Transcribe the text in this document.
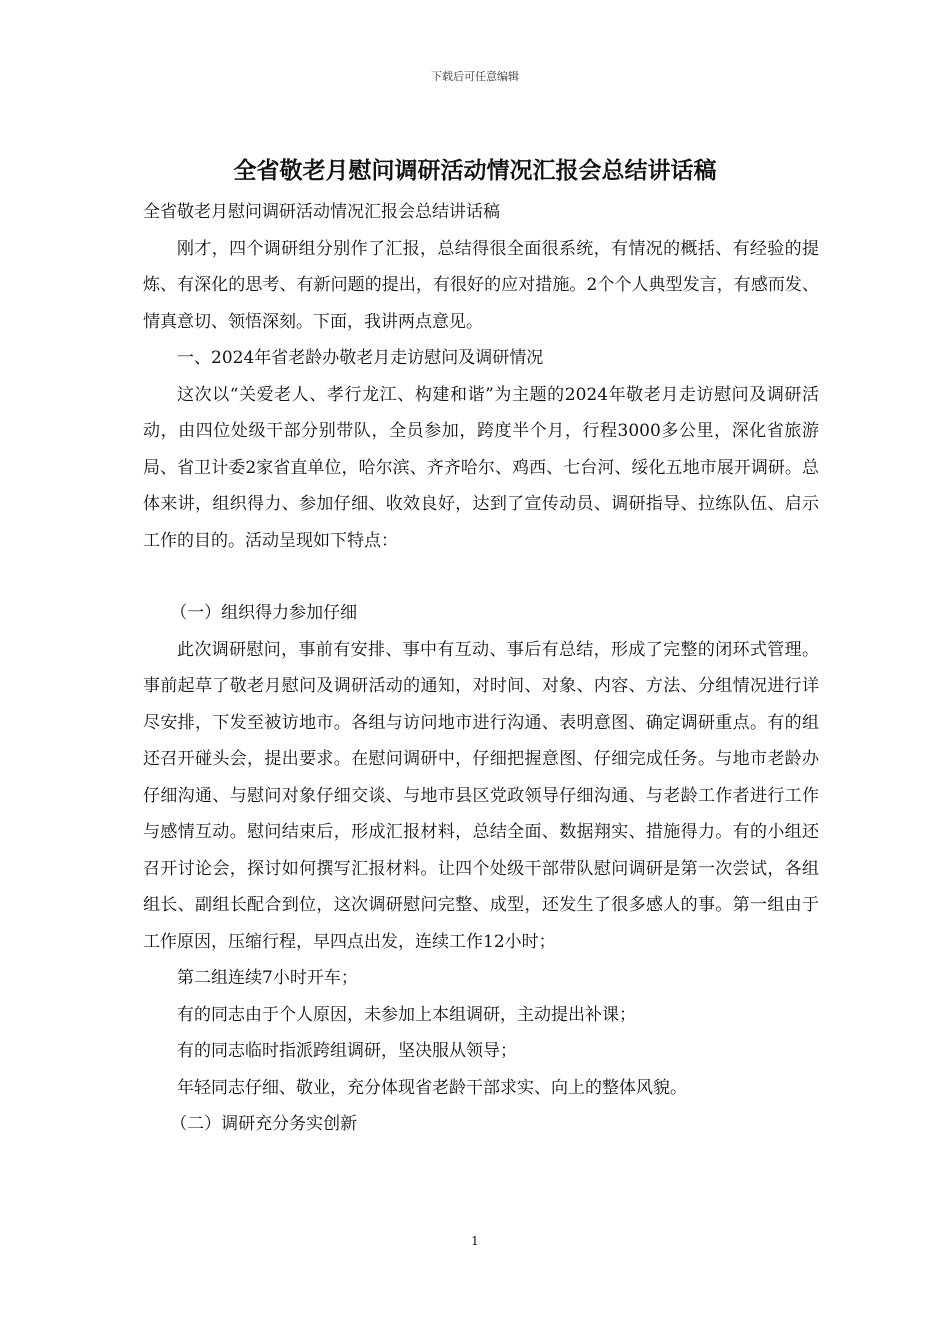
下载后可任意编辑
全省敬老月慰问调研活动情况汇报会总结讲话稿

全省敬老月慰问调研活动情况汇报会总结讲话稿

刚才，四个调研组分别作了汇报，总结得很全面很系统，有情况的概括、有经验的提炼、有深化的思考、有新问题的提出，有很好的应对措施。2个个人典型发言，有感而发、情真意切、领悟深刻。下面，我讲两点意见。

一、2024年省老龄办敬老月走访慰问及调研情况

这次以“关爱老人、孝行龙江、构建和谐”为主题的2024年敬老月走访慰问及调研活动，由四位处级干部分别带队，全员参加，跨度半个月，行程3000多公里，深化省旅游局、省卫计委2家省直单位，哈尔滨、齐齐哈尔、鸡西、七台河、绥化五地市展开调研。总体来讲，组织得力、参加仔细、收效良好，达到了宣传动员、调研指导、拉练队伍、启示工作的目的。活动呈现如下特点：

（一）组织得力参加仔细

此次调研慰问，事前有安排、事中有互动、事后有总结，形成了完整的闭环式管理。事前起草了敬老月慰问及调研活动的通知，对时间、对象、内容、方法、分组情况进行详尽安排，下发至被访地市。各组与访问地市进行沟通、表明意图、确定调研重点。有的组还召开碰头会，提出要求。在慰问调研中，仔细把握意图、仔细完成任务。与地市老龄办仔细沟通、与慰问对象仔细交谈、与地市县区党政领导仔细沟通、与老龄工作者进行工作与感情互动。慰问结束后，形成汇报材料，总结全面、数据翔实、措施得力。有的小组还召开讨论会，探讨如何撰写汇报材料。让四个处级干部带队慰问调研是第一次尝试，各组组长、副组长配合到位，这次调研慰问完整、成型，还发生了很多感人的事。第一组由于工作原因，压缩行程，早四点出发，连续工作12小时；

第二组连续7小时开车；

有的同志由于个人原因，未参加上本组调研，主动提出补课；

有的同志临时指派跨组调研，坚决服从领导；

年轻同志仔细、敬业，充分体现省老龄干部求实、向上的整体风貌。

（二）调研充分务实创新

1
